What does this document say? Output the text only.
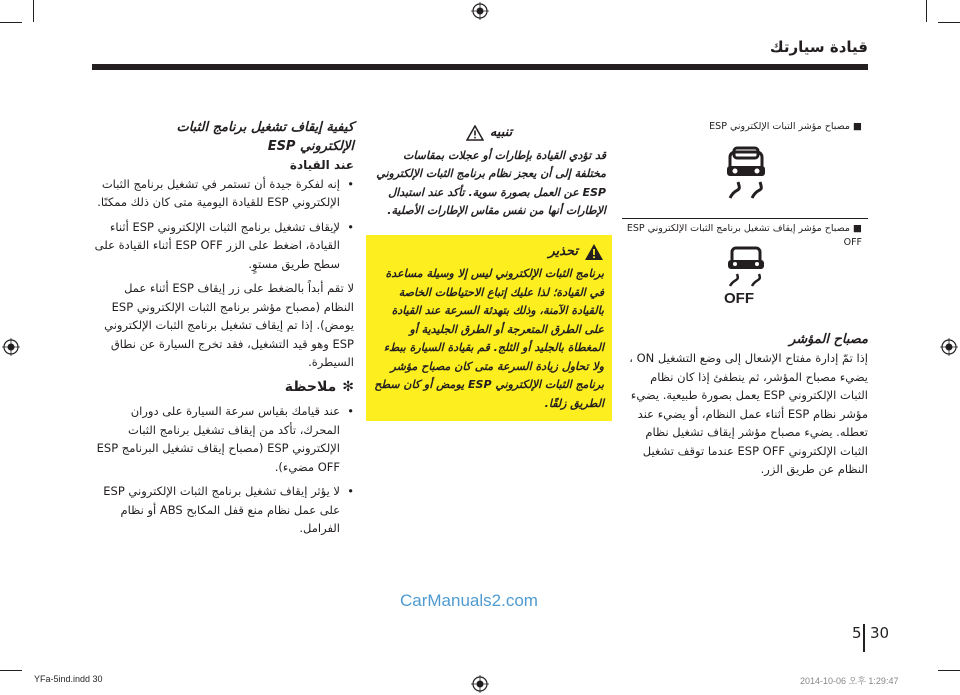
قيادة سيارتك
■ مصباح مؤشر التبات الإلكتروني ESP
■ مصباح مؤشر إيقاف تشغيل برنامج الثبات الإلكتروني ESP OFF
OFF
مصباح المؤشر
إذا تمّ إدارة مفتاح الإشعال إلى وضع التشغيل ON ، يضيء مصباح المؤشر، ثم ينطفئ إذا كان نظام الثبات الإلكتروني ESP يعمل بصورة طبيعية. يضيء مؤشر نظام ESP أثناء عمل النظام، أو يضيء عند تعطله. يضيء مصباح مؤشر إيقاف تشغيل نظام الثبات الإلكتروني ESP OFF عندما توقف تشغيل النظام عن طريق الزر.
تنبيه
قد تؤدي القيادة بإطارات أو عجلات بمقاسات مختلفة إلى أن يعجز نظام برنامج الثبات الإلكتروني ESP عن العمل بصورة سوية. تأكد عند استبدال الإطارات أنها من نفس مقاس الإطارات الأصلية.
تحذير
برنامج الثبات الإلكتروني ليس إلا وسيلة مساعدة في القيادة؛ لذا عليك إتباع الاحتياطات الخاصة بالقيادة الآمنة، وذلك بتهدئة السرعة عند القيادة على الطرق المتعرجة أو الطرق الجليدية أو المغطاة بالجليد أو الثلج. قم بقيادة السيارة ببطء ولا تحاول زيادة السرعة متى كان مصباح مؤشر برنامج الثبات الإلكتروني ESP يومض أو كان سطح الطريق زلقًا.
كيفية إيقاف تشغيل برنامج الثبات
الإلكتروني ESP
عند القيادة
•
إنه لفكرة جيدة أن تستمر في تشغيل برنامج الثبات الإلكتروني ESP للقيادة اليومية متى كان ذلك ممكنًا.
•
لإيقاف تشغيل برنامج الثبات الإلكتروني ESP أثناء القيادة، اضغط على الزر ESP OFF أثناء القيادة على سطح طريق مستوٍ.
لا تقم أبداً بالضغط على زر إيقاف ESP أثناء عمل النظام (مصباح مؤشر برنامج الثبات الإلكتروني ESP يومض). إذا تم إيقاف تشغيل برنامج الثبات الإلكتروني ESP وهو قيد التشغيل، فقد تخرج السيارة عن نطاق السيطرة.
✻
ملاحظة
•
عند قيامك بقياس سرعة السيارة على دوران المحرك، تأكد من إيقاف تشغيل برنامج الثبات الإلكتروني ESP (مصباح إيقاف تشغيل البرنامج ESP OFF مضيء).
•
لا يؤثر إيقاف تشغيل برنامج الثبات الإلكتروني ESP على عمل نظام منع قفل المكابح ABS أو نظام الفرامل.
CarManuals2.com
5 30
YFa-5ind.indd 30	2014-10-06 오후 1:29:47
